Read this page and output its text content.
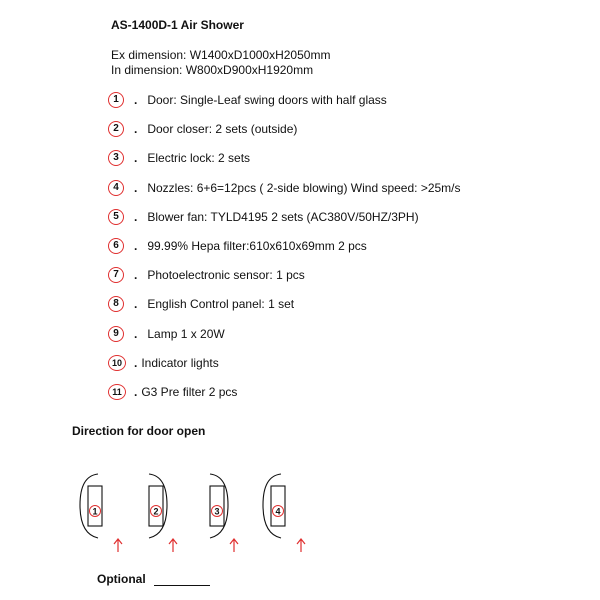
AS-1400D-1 Air Shower
Ex dimension: W1400xD1000xH2050mm
In dimension: W800xD900xH1920mm
1	. Door: Single-Leaf swing doors with half glass
2	. Door closer: 2 sets (outside)
3	. Electric lock: 2 sets
4	. Nozzles: 6+6=12pcs ( 2-side blowing) Wind speed: >25m/s
5	. Blower fan: TYLD4195 2 sets (AC380V/50HZ/3PH)
6	. 99.99% Hepa filter:610x610x69mm 2 pcs
7	. Photoelectronic sensor: 1 pcs
8	. English Control panel: 1 set
9	. Lamp 1 x 20W
10	. Indicator lights
11	. G3 Pre filter 2 pcs
Direction for door open
1	2	3	4
Optional
